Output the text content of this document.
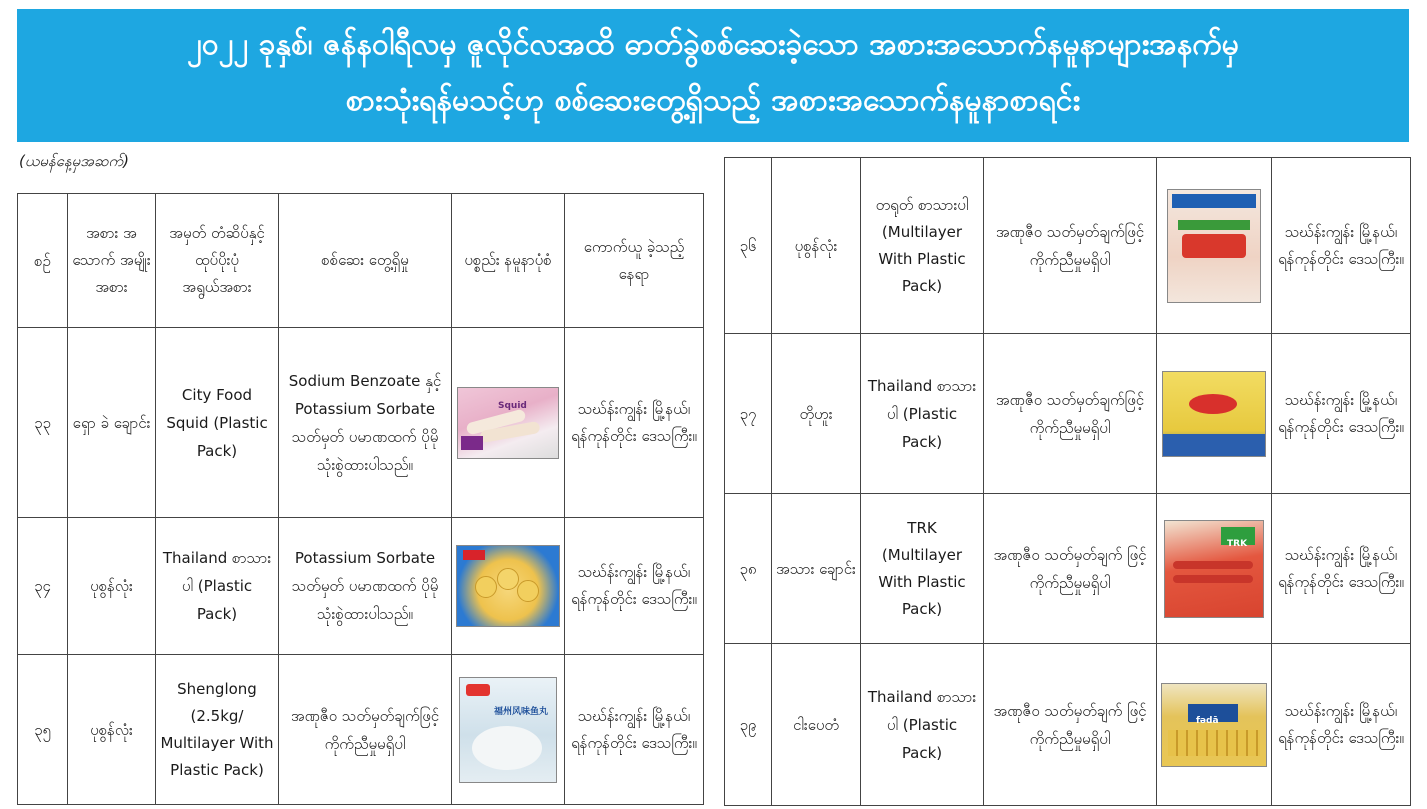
၂၀၂၂ ခုနှစ်၊ ဇန်နဝါရီလမှ ဇူလိုင်လအထိ ဓာတ်ခွဲစစ်ဆေးခဲ့သော အစားအသောက်နမူနာများအနက်မှ
စားသုံးရန်မသင့်ဟု စစ်ဆေးတွေ့ရှိသည့် အစားအသောက်နမူနာစာရင်း
(ယမန်နေ့မှအဆက်)
စဉ်	အစား အသောက် အမျိုးအစား	အမှတ် တံဆိပ်နှင့် ထုပ်ပိုးပုံ အရွယ်အစား	စစ်ဆေး တွေ့ရှိမှု	ပစ္စည်း နမူနာပုံစံ	ကောက်ယူ ခဲ့သည့် နေရာ
၃၃	ရှော ခဲ ချောင်း	City Food Squid (Plastic Pack)	Sodium Benzoate နှင့် Potassium Sorbate သတ်မှတ် ပမာဏထက် ပိုမိုသုံးစွဲထားပါသည်။	Squid	သဃ်န်းကျွန်း မြို့နယ်၊ ရန်ကုန်တိုင်း ဒေသကြီး။
၃၄	ပုစွန်လုံး	Thailand စာသားပါ (Plastic Pack)	Potassium Sorbate သတ်မှတ် ပမာဏထက် ပိုမိုသုံးစွဲထားပါသည်။		သဃ်န်းကျွန်း မြို့နယ်၊ ရန်ကုန်တိုင်း ဒေသကြီး။
၃၅	ပုစွန်လုံး	Shenglong (2.5kg/ Multilayer With Plastic Pack)	အဏုဇီဝ သတ်မှတ်ချက်ဖြင့် ကိုက်ညီမှုမရှိပါ	福州风味鱼丸	သဃ်န်းကျွန်း မြို့နယ်၊ ရန်ကုန်တိုင်း ဒေသကြီး။
၃၆	ပုစွန်လုံး	တရုတ် စာသားပါ (Multilayer With Plastic Pack)	အဏုဇီဝ သတ်မှတ်ချက်ဖြင့် ကိုက်ညီမှုမရှိပါ		သဃ်န်းကျွန်း မြို့နယ်၊ ရန်ကုန်တိုင်း ဒေသကြီး။
၃၇	တိုဟူး	Thailand စာသားပါ (Plastic Pack)	အဏုဇီဝ သတ်မှတ်ချက်ဖြင့် ကိုက်ညီမှုမရှိပါ		သဃ်န်းကျွန်း မြို့နယ်၊ ရန်ကုန်တိုင်း ဒေသကြီး။
၃၈	အသား ချောင်း	TRK (Multilayer With Plastic Pack)	အဏုဇီဝ သတ်မှတ်ချက် ဖြင့်ကိုက်ညီမှုမရှိပါ	TRK	သဃ်န်းကျွန်း မြို့နယ်၊ ရန်ကုန်တိုင်း ဒေသကြီး။
၃၉	ငါးပေတံ	Thailand စာသားပါ (Plastic Pack)	အဏုဇီဝ သတ်မှတ်ချက် ဖြင့်ကိုက်ညီမှုမရှိပါ	fədā	သဃ်န်းကျွန်း မြို့နယ်၊ ရန်ကုန်တိုင်း ဒေသကြီး။
